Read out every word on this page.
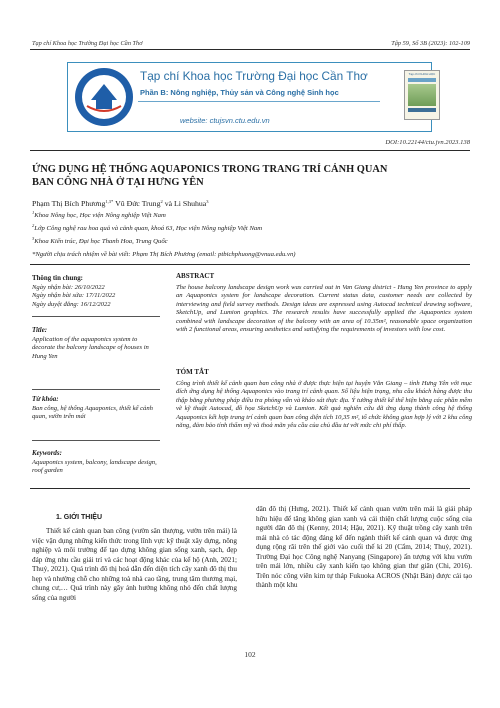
Tạp chí Khoa học Trường Đại học Cần Thơ	Tập 59, Số 3B (2023): 102-109
Tạp chí Khoa học Trường Đại học Cần Thơ
Phần B: Nông nghiệp, Thủy sản và Công nghệ Sinh học
website: ctujsvn.ctu.edu.vn
Tạp chí KHOA HỌC
DOI:10.22144/ctu.jvn.2023.138
ỨNG DỤNG HỆ THỐNG AQUAPONICS TRONG TRANG TRÍ CẢNH QUAN
BAN CÔNG NHÀ Ở TẠI HƯNG YÊN
Phạm Thị Bích Phương$^{1,3*}$ Vũ Đức Trung$^2$ và Li Shuhua$^3$
$^1$Khoa Nông học, Học viện Nông nghiệp Việt Nam
$^2$Lớp Công nghệ rau hoa quả và cảnh quan, khoá 63, Học viện Nông nghiệp Việt Nam
$^3$Khoa Kiến trúc, Đại học Thanh Hoa, Trung Quốc
*Người chịu trách nhiệm về bài viết: Phạm Thị Bích Phương (email: ptbichphuong@vnua.edu.vn)
Thông tin chung:
Ngày nhận bài: 26/10/2022
Ngày nhận bài sửa: 17/11/2022
Ngày duyệt đăng: 16/12/2022
Title:
Application of the aquaponics system to decorate the balcony landscape of houses in Hung Yen
Từ khóa:
Ban công, hệ thống Aquaponics, thiết kế cảnh quan, vườn trên mái
Keywords:
Aquaponics system, balcony, landscape design, roof garden
ABSTRACT
The house balcony landscape design work was carried out in Van Giang district - Hung Yen province to apply an Aquaponics system for landscape decoration. Current status data, customer needs are collected by interviewing and field survey methods. Design ideas are expressed using Autocad technical drawing software, SketchUp, and Lumion graphics. The research results have successfully applied the Aquaponics system combined with landscape decoration of the balcony with an area of 10.35m², reasonable space organization with 2 functional areas, ensuring aesthetics and satisfying the requirements of investors with low cost.
TÓM TẮT
Công trình thiết kế cảnh quan ban công nhà ở được thực hiện tại huyện Văn Giang – tỉnh Hưng Yên với mục đích ứng dụng hệ thống Aquaponics vào trang trí cảnh quan. Số liệu hiện trạng, nhu cầu khách hàng được thu thập bằng phương pháp điều tra phỏng vấn và khảo sát thực địa. Ý tưởng thiết kế thể hiện bằng các phần mềm vẽ kỹ thuật Autocad, đồ họa SketchUp và Lumion. Kết quả nghiên cứu đã ứng dụng thành công hệ thống Aquaponics kết hợp trang trí cảnh quan ban công diện tích 10,35 m², tổ chức không gian hợp lý với 2 khu công năng, đảm bảo tính thẩm mỹ và thoả mãn yêu cầu của chủ đầu tư với mức chi phí thấp.
1. GIỚI THIỆU
Thiết kế cảnh quan ban công (vườn sân thượng, vườn trên mái) là việc vận dụng những kiến thức trong lĩnh vực kỹ thuật xây dựng, nông nghiệp và môi trường để tạo dựng không gian sống xanh, sạch, đẹp đáp ứng nhu cầu giải trí và các hoạt động khác của kể hộ (Anh, 2021; Thuỷ, 2021). Quá trình đô thị hoá dẫn đến diện tích cây xanh đô thị thu hẹp và nhường chỗ cho những toà nhà cao tầng, trung tâm thương mại, chung cư,… Quá trình này gây ảnh hưởng không nhỏ đến chất lượng sống của người
dân đô thị (Hưng, 2021). Thiết kế cảnh quan vườn trên mái là giải pháp hữu hiệu để tăng không gian xanh và cải thiện chất lượng cuộc sống của người dân đô thị (Kenny, 2014; Hậu, 2021). Kỹ thuật trồng cây xanh trên mái nhà có tác động đáng kể đến ngành thiết kế cảnh quan và được ứng dụng rộng rãi trên thế giới vào cuối thế kỉ 20 (Cẩm, 2014; Thuỷ, 2021). Trường Đại học Công nghệ Nanyang (Singapore) ấn tượng với khu vườn trên mái lớn, nhiều cây xanh kiến tạo không gian thư giãn (Chi, 2016). Trên nóc công viên kim tự tháp Fukuoka ACROS (Nhật Bản) được cải tạo thành một khu
102
